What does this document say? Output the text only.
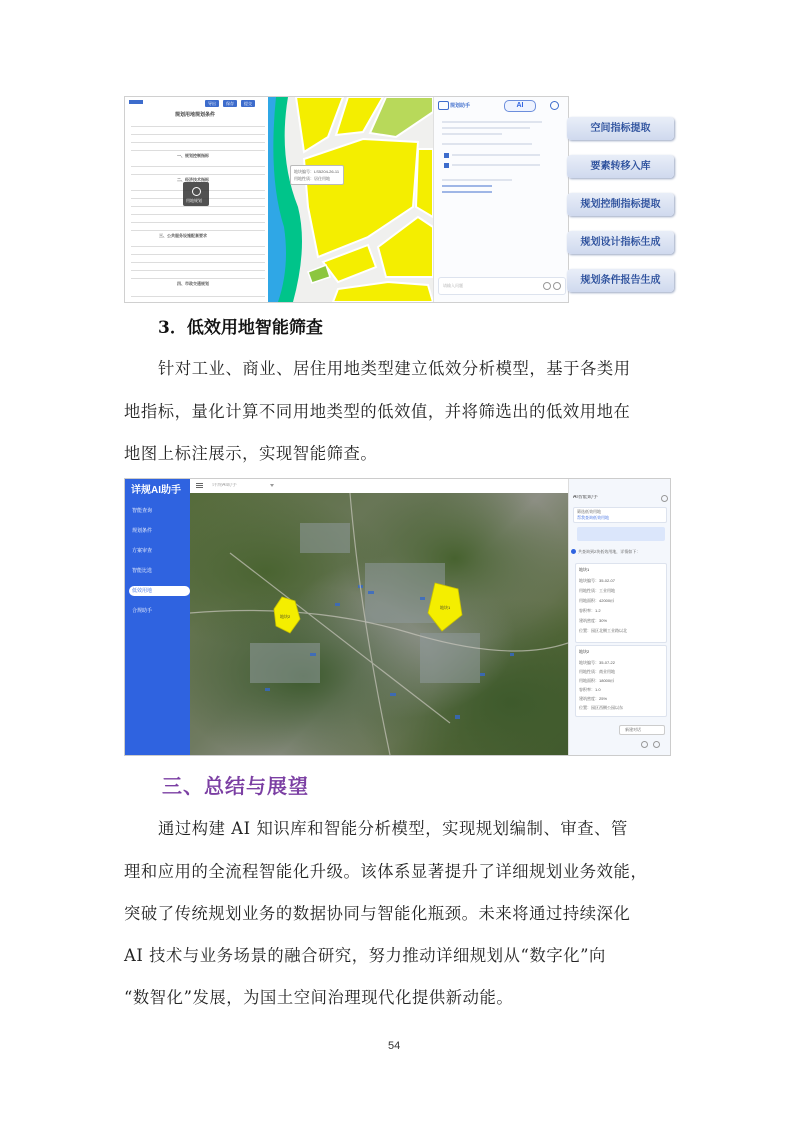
导出	保存	提交
规划用地规划条件
一、规划控制指标
二、经济技术指标
三、公共服务设施配套要求
四、市政交通规划
用地规划
地块编号：LS5204-26-11
用地性质：居住用地
规划助手	AI
请输入问题
空间指标提取
要素转移入库
规划控制指标提取
规划设计指标生成
规划条件报告生成
3．低效用地智能筛查
针对工业、商业、居住用地类型建立低效分析模型，基于各类用
地指标，量化计算不同用地类型的低效值，并将筛选出的低效用地在
地图上标注展示，实现智能筛查。
详规AI助手
智能查询
规划条件
方案审查
智能比选
低效用地
合规助手
详规AI助手
地块2
地块1
AI智能助手
筛选低效用地
帮我查询低效用地
共查询到2块低效用地，详情如下：
地块1
地块编号：35-02-07
用地性质：工业用地
用地面积：42000㎡
容积率：1.2
建筑密度：30%
位置：园区北侧工业路以北
地块2
地块编号：35-07-22
用地性质：商业用地
用地面积：18000㎡
容积率：1.0
建筑密度：25%
位置：园区西侧公园以东
新建对话
三、总结与展望
通过构建 AI 知识库和智能分析模型，实现规划编制、审查、管
理和应用的全流程智能化升级。该体系显著提升了详细规划业务效能，
突破了传统规划业务的数据协同与智能化瓶颈。未来将通过持续深化
AI 技术与业务场景的融合研究，努力推动详细规划从“数字化”向
“数智化”发展，为国土空间治理现代化提供新动能。
54
